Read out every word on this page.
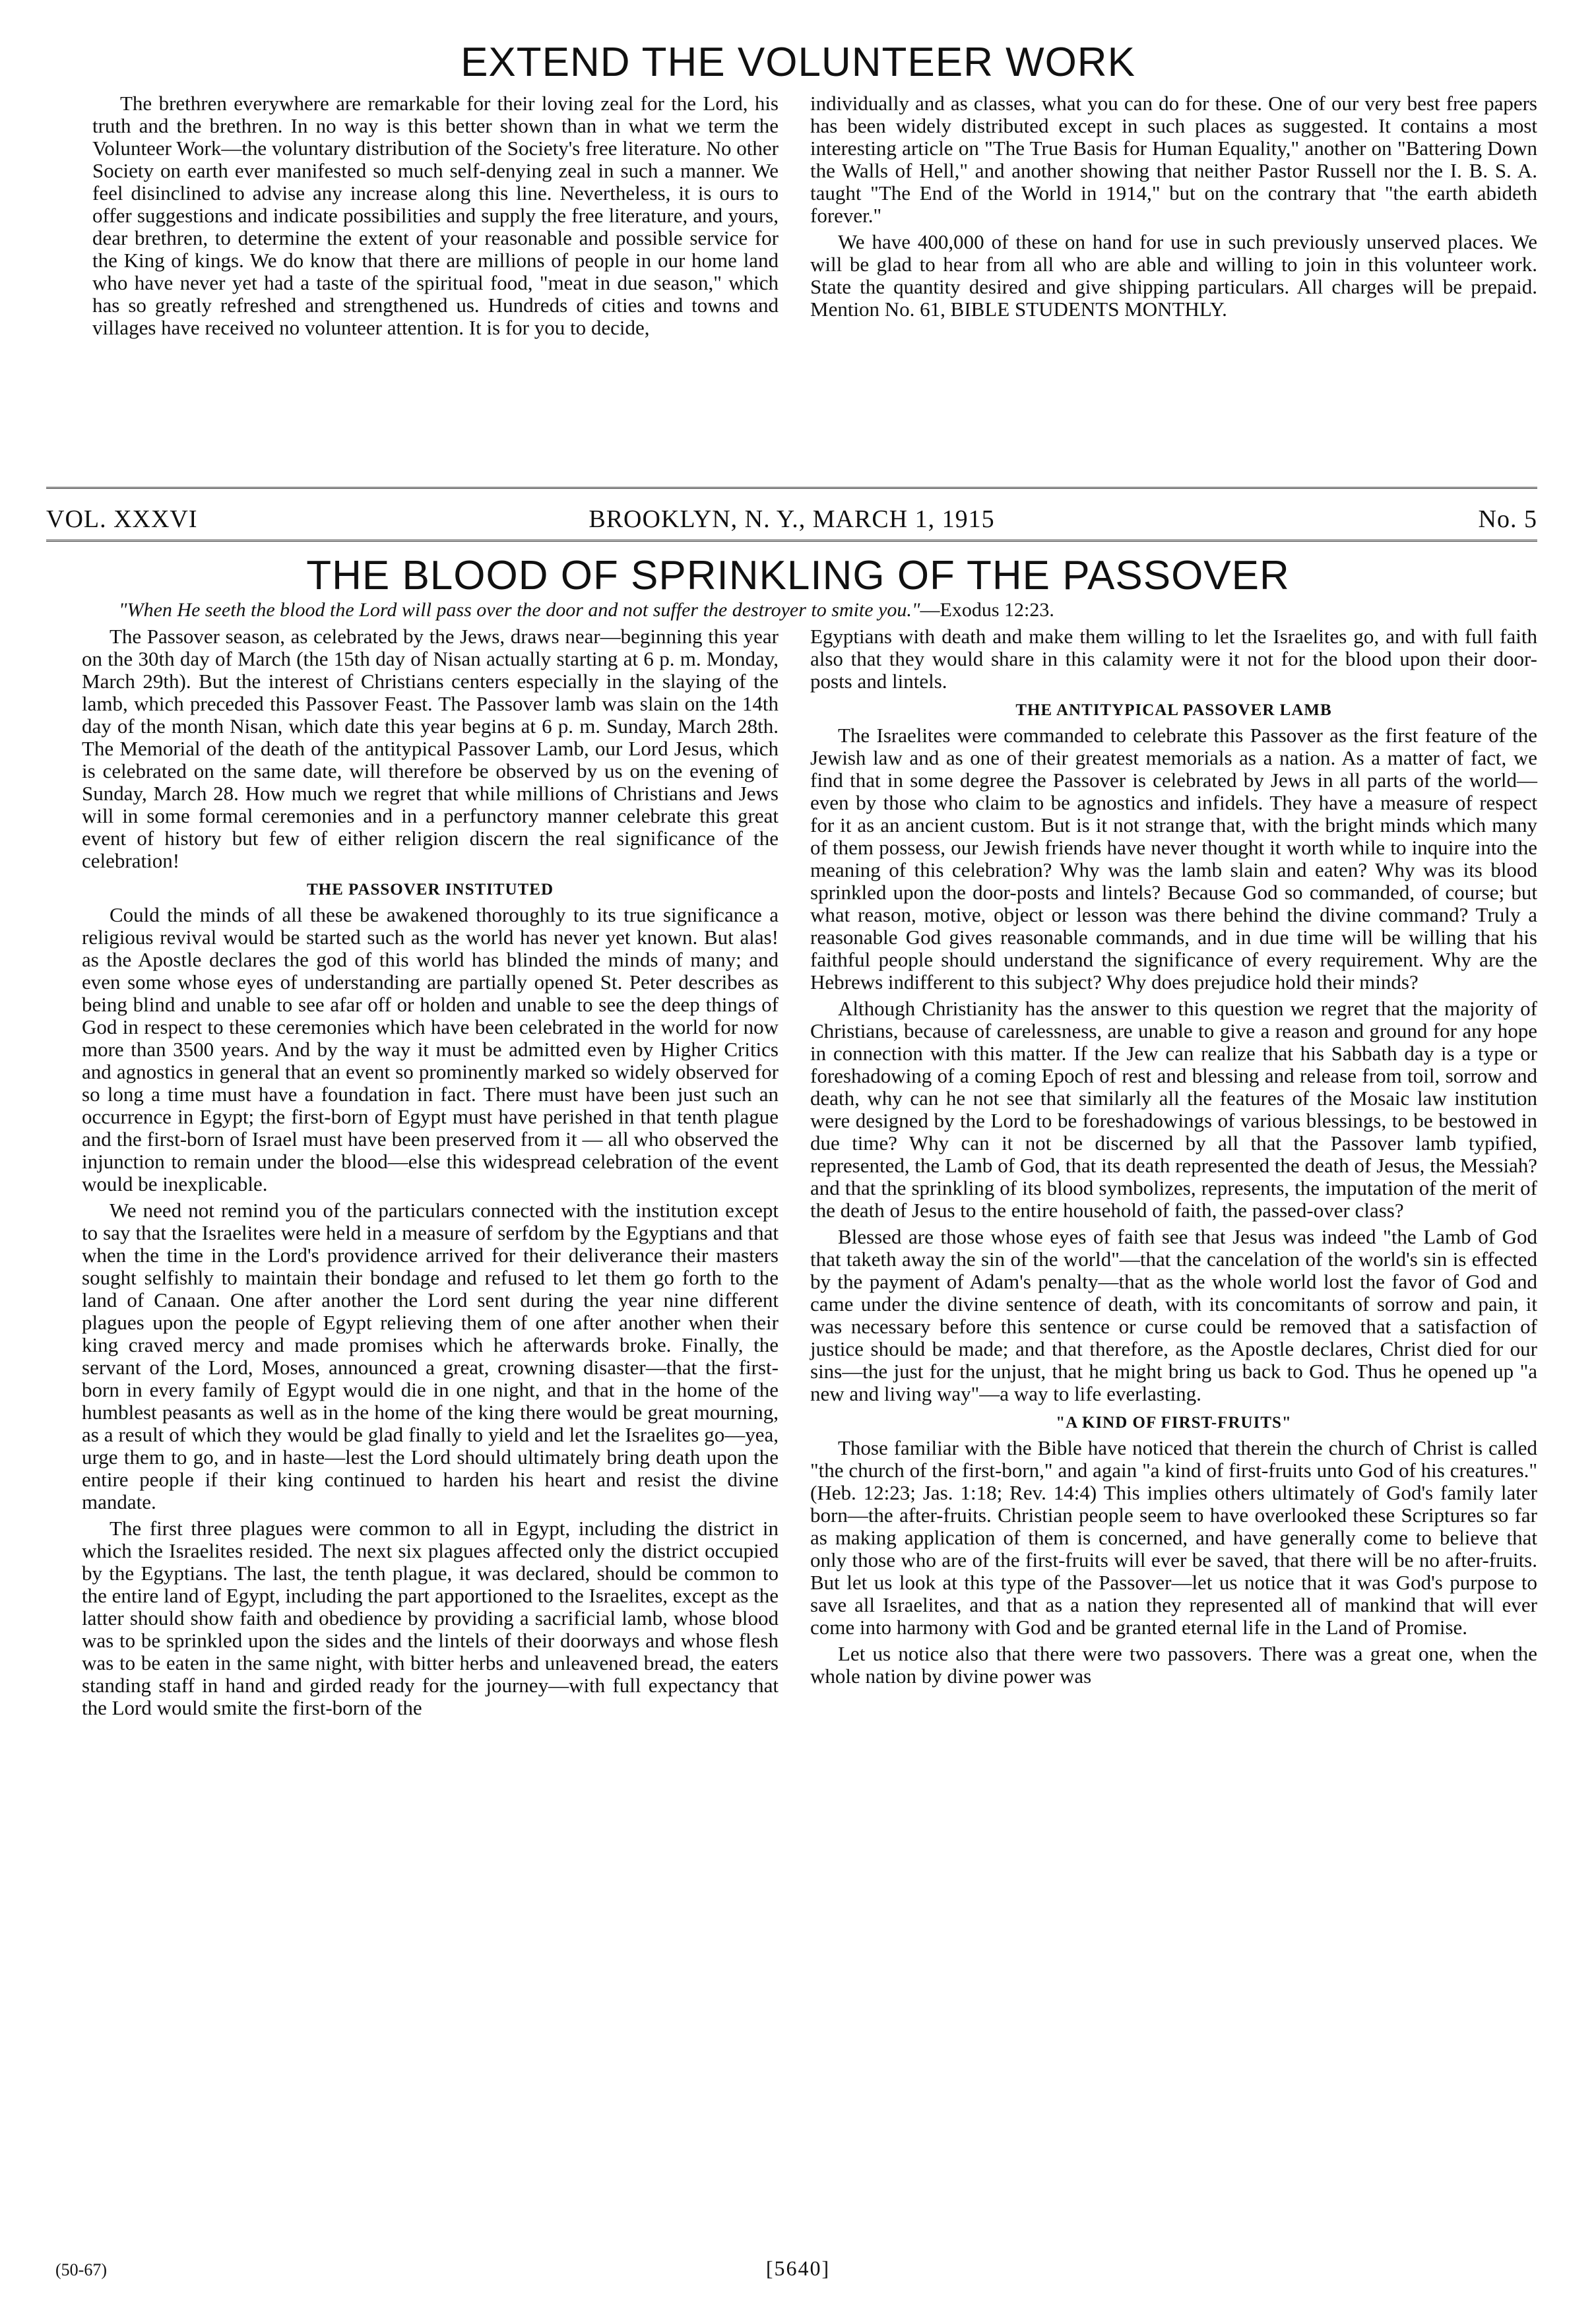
EXTEND THE VOLUNTEER WORK

The brethren everywhere are remarkable for their loving zeal for the Lord, his truth and the brethren. In no way is this better shown than in what we term the Volunteer Work—the voluntary distribution of the Society's free literature. No other Society on earth ever manifested so much self-denying zeal in such a manner. We feel disinclined to advise any increase along this line. Nevertheless, it is ours to offer suggestions and indicate possibilities and supply the free literature, and yours, dear brethren, to determine the extent of your reasonable and possible service for the King of kings. We do know that there are millions of people in our home land who have never yet had a taste of the spiritual food, "meat in due season," which has so greatly refreshed and strengthened us. Hundreds of cities and towns and villages have received no volunteer attention. It is for you to decide,

individually and as classes, what you can do for these. One of our very best free papers has been widely distributed except in such places as suggested. It contains a most interesting article on "The True Basis for Human Equality," another on "Battering Down the Walls of Hell," and another showing that neither Pastor Russell nor the I. B. S. A. taught "The End of the World in 1914," but on the contrary that "the earth abideth forever."

We have 400,000 of these on hand for use in such previously unserved places. We will be glad to hear from all who are able and willing to join in this volunteer work. State the quantity desired and give shipping particulars. All charges will be prepaid. Mention No. 61, BIBLE STUDENTS MONTHLY.

VOL. XXXVI	BROOKLYN, N. Y., MARCH 1, 1915	No. 5
THE BLOOD OF SPRINKLING OF THE PASSOVER
"When He seeth the blood the Lord will pass over the door and not suffer the destroyer to smite you."—Exodus 12:23.

The Passover season, as celebrated by the Jews, draws near—beginning this year on the 30th day of March (the 15th day of Nisan actually starting at 6 p. m. Monday, March 29th). But the interest of Christians centers especially in the slaying of the lamb, which preceded this Passover Feast. The Passover lamb was slain on the 14th day of the month Nisan, which date this year begins at 6 p. m. Sunday, March 28th. The Memorial of the death of the antitypical Passover Lamb, our Lord Jesus, which is celebrated on the same date, will therefore be observed by us on the evening of Sunday, March 28. How much we regret that while millions of Christians and Jews will in some formal ceremonies and in a perfunctory manner celebrate this great event of history but few of either religion discern the real significance of the celebration!

THE PASSOVER INSTITUTED

Could the minds of all these be awakened thoroughly to its true significance a religious revival would be started such as the world has never yet known. But alas! as the Apostle declares the god of this world has blinded the minds of many; and even some whose eyes of understanding are partially opened St. Peter describes as being blind and unable to see afar off or holden and unable to see the deep things of God in respect to these ceremonies which have been celebrated in the world for now more than 3500 years. And by the way it must be admitted even by Higher Critics and agnostics in general that an event so prominently marked so widely observed for so long a time must have a foundation in fact. There must have been just such an occurrence in Egypt; the first-born of Egypt must have perished in that tenth plague and the first-born of Israel must have been preserved from it — all who observed the injunction to remain under the blood—else this widespread celebration of the event would be inexplicable.

We need not remind you of the particulars connected with the institution except to say that the Israelites were held in a measure of serfdom by the Egyptians and that when the time in the Lord's providence arrived for their deliverance their masters sought selfishly to maintain their bondage and refused to let them go forth to the land of Canaan. One after another the Lord sent during the year nine different plagues upon the people of Egypt relieving them of one after another when their king craved mercy and made promises which he afterwards broke. Finally, the servant of the Lord, Moses, announced a great, crowning disaster—that the first-born in every family of Egypt would die in one night, and that in the home of the humblest peasants as well as in the home of the king there would be great mourning, as a result of which they would be glad finally to yield and let the Israelites go—yea, urge them to go, and in haste—lest the Lord should ultimately bring death upon the entire people if their king continued to harden his heart and resist the divine mandate.

The first three plagues were common to all in Egypt, including the district in which the Israelites resided. The next six plagues affected only the district occupied by the Egyptians. The last, the tenth plague, it was declared, should be common to the entire land of Egypt, including the part apportioned to the Israelites, except as the latter should show faith and obedience by providing a sacrificial lamb, whose blood was to be sprinkled upon the sides and the lintels of their doorways and whose flesh was to be eaten in the same night, with bitter herbs and unleavened bread, the eaters standing staff in hand and girded ready for the journey—with full expectancy that the Lord would smite the first-born of the

Egyptians with death and make them willing to let the Israelites go, and with full faith also that they would share in this calamity were it not for the blood upon their door-posts and lintels.

THE ANTITYPICAL PASSOVER LAMB

The Israelites were commanded to celebrate this Passover as the first feature of the Jewish law and as one of their greatest memorials as a nation. As a matter of fact, we find that in some degree the Passover is celebrated by Jews in all parts of the world—even by those who claim to be agnostics and infidels. They have a measure of respect for it as an ancient custom. But is it not strange that, with the bright minds which many of them possess, our Jewish friends have never thought it worth while to inquire into the meaning of this celebration? Why was the lamb slain and eaten? Why was its blood sprinkled upon the door-posts and lintels? Because God so commanded, of course; but what reason, motive, object or lesson was there behind the divine command? Truly a reasonable God gives reasonable commands, and in due time will be willing that his faithful people should understand the significance of every requirement. Why are the Hebrews indifferent to this subject? Why does prejudice hold their minds?

Although Christianity has the answer to this question we regret that the majority of Christians, because of carelessness, are unable to give a reason and ground for any hope in connection with this matter. If the Jew can realize that his Sabbath day is a type or foreshadowing of a coming Epoch of rest and blessing and release from toil, sorrow and death, why can he not see that similarly all the features of the Mosaic law institution were designed by the Lord to be foreshadowings of various blessings, to be bestowed in due time? Why can it not be discerned by all that the Passover lamb typified, represented, the Lamb of God, that its death represented the death of Jesus, the Messiah? and that the sprinkling of its blood symbolizes, represents, the imputation of the merit of the death of Jesus to the entire household of faith, the passed-over class?

Blessed are those whose eyes of faith see that Jesus was indeed "the Lamb of God that taketh away the sin of the world"—that the cancelation of the world's sin is effected by the payment of Adam's penalty—that as the whole world lost the favor of God and came under the divine sentence of death, with its concomitants of sorrow and pain, it was necessary before this sentence or curse could be removed that a satisfaction of justice should be made; and that therefore, as the Apostle declares, Christ died for our sins—the just for the unjust, that he might bring us back to God. Thus he opened up "a new and living way"—a way to life everlasting.

"A KIND OF FIRST-FRUITS"

Those familiar with the Bible have noticed that therein the church of Christ is called "the church of the first-born," and again "a kind of first-fruits unto God of his creatures." (Heb. 12:23; Jas. 1:18; Rev. 14:4) This implies others ultimately of God's family later born—the after-fruits. Christian people seem to have overlooked these Scriptures so far as making application of them is concerned, and have generally come to believe that only those who are of the first-fruits will ever be saved, that there will be no after-fruits. But let us look at this type of the Passover—let us notice that it was God's purpose to save all Israelites, and that as a nation they represented all of mankind that will ever come into harmony with God and be granted eternal life in the Land of Promise.

Let us notice also that there were two passovers. There was a great one, when the whole nation by divine power was

(50-67)	[5640]
